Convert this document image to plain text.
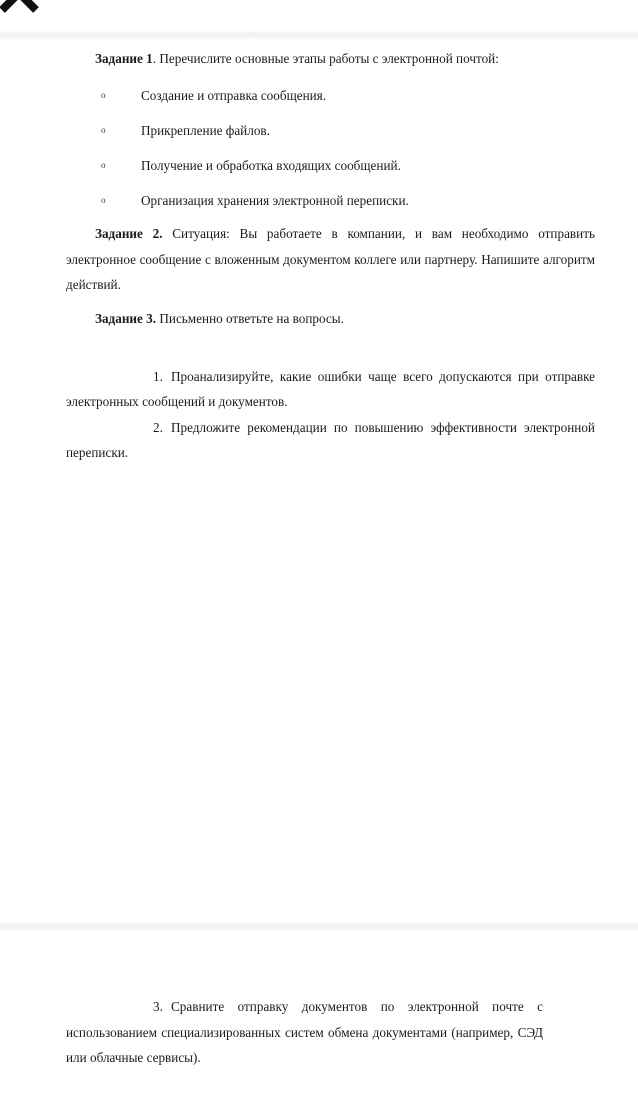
Задание 1. Перечислите основные этапы работы с электронной почтой:

o	Создание и отправка сообщения.
o	Прикрепление файлов.
o	Получение и обработка входящих сообщений.
o	Организация хранения электронной переписки.

Задание 2. Ситуация: Вы работаете в компании, и вам необходимо отправить электронное сообщение с вложенным документом коллеге или партнеру. Напишите алгоритм действий.

Задание 3. Письменно ответьте на вопросы.

1. Проанализируйте, какие ошибки чаще всего допускаются при отправке электронных сообщений и документов.

2. Предложите рекомендации по повышению эффективности электронной переписки.

3. Сравните отправку документов по электронной почте с использованием специализированных систем обмена документами (например, СЭД или облачные сервисы).
